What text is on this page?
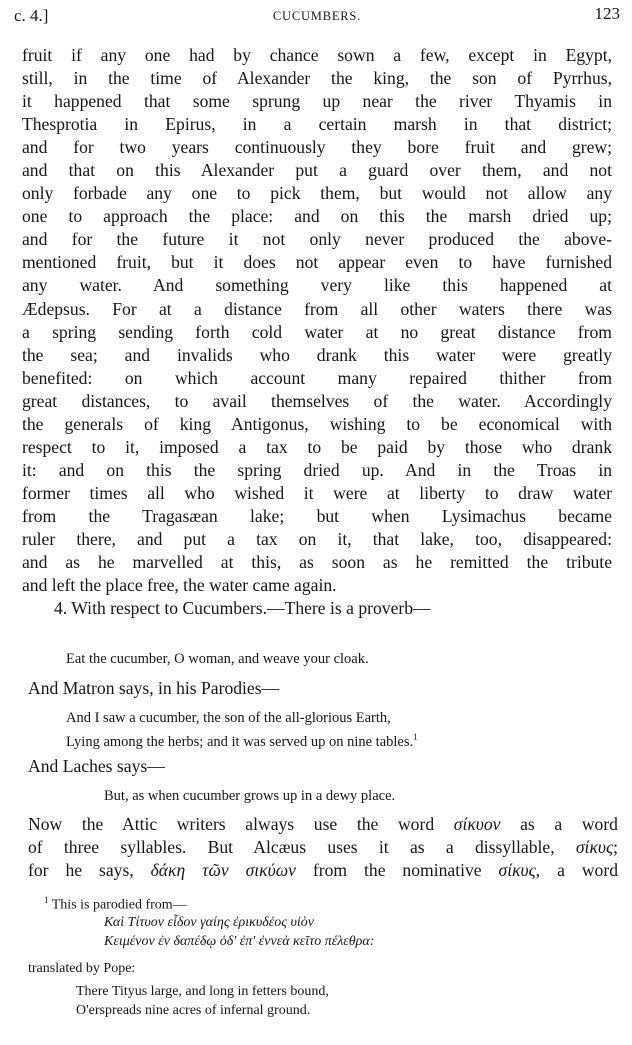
c. 4.]	CUCUMBERS.	123
fruit if any one had by chance sown a few, except in Egypt,
still, in the time of Alexander the king, the son of Pyrrhus,
it happened that some sprung up near the river Thyamis in
Thesprotia in Epirus, in a certain marsh in that district;
and for two years continuously they bore fruit and grew;
and that on this Alexander put a guard over them, and not
only forbade any one to pick them, but would not allow any
one to approach the place: and on this the marsh dried up;
and for the future it not only never produced the above-
mentioned fruit, but it does not appear even to have furnished
any water. And something very like this happened at
Ædepsus. For at a distance from all other waters there was
a spring sending forth cold water at no great distance from
the sea; and invalids who drank this water were greatly
benefited: on which account many repaired thither from
great distances, to avail themselves of the water. Accordingly
the generals of king Antigonus, wishing to be economical with
respect to it, imposed a tax to be paid by those who drank
it: and on this the spring dried up. And in the Troas in
former times all who wished it were at liberty to draw water
from the Tragasæan lake; but when Lysimachus became
ruler there, and put a tax on it, that lake, too, disappeared:
and as he marvelled at this, as soon as he remitted the tribute
and left the place free, the water came again.
4. With respect to Cucumbers.—There is a proverb—
Eat the cucumber, O woman, and weave your cloak.
And Matron says, in his Parodies—
And I saw a cucumber, the son of the all-glorious Earth,
Lying among the herbs; and it was served up on nine tables.$^1$
And Laches says—
But, as when cucumber grows up in a dewy place.
Now the Attic writers always use the word σίκυον as a word
of three syllables. But Alcæus uses it as a dissyllable, σίκυς;
for he says, δάκη τῶν σικύων from the nominative σίκυς, a word
$^1$ This is parodied from—
Καὶ Τίτυον εἶδον γαίης ἐρικυδέος υἱὸν
Κειμένον ἐν δαπέδῳ ὁδ' ἐπ' ἐννεὰ κεῖτο πέλεθρα:
translated by Pope:
There Tityus large, and long in fetters bound,
O'erspreads nine acres of infernal ground.
